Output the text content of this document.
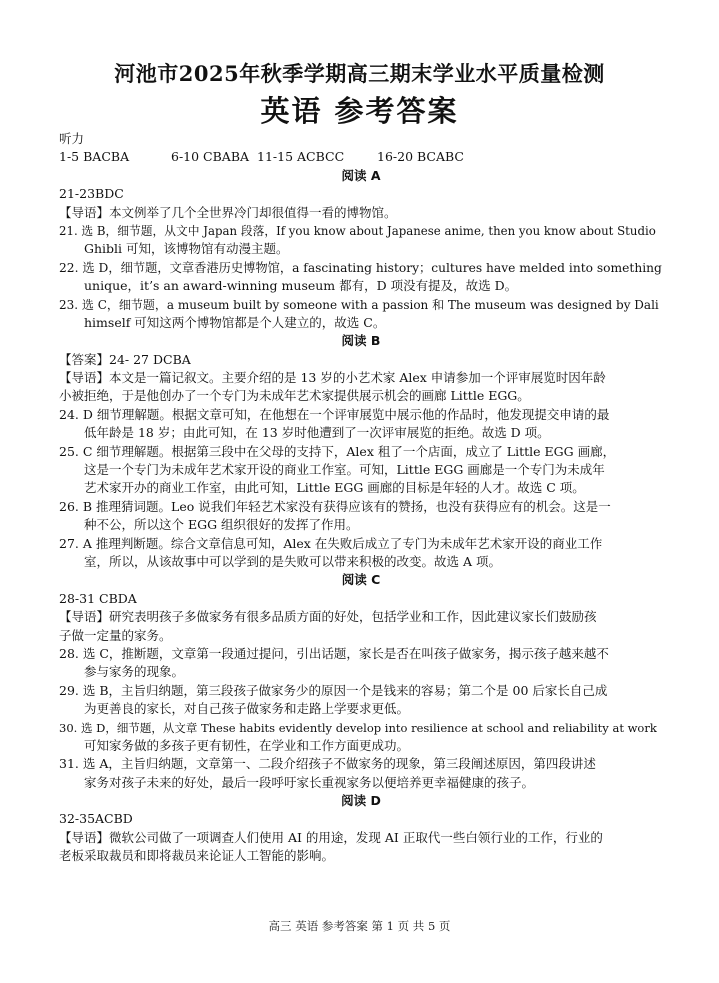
河池市2025年秋季学期高三期末学业水平质量检测
英语 参考答案
听力
1-5 BACBA	6-10 CBABA 11-15 ACBCC	16-20 BCABC
阅读 A
21-23BDC
【导语】本文例举了几个全世界冷门却很值得一看的博物馆。
21. 选 B，细节题，从文中 Japan 段落，If you know about Japanese anime, then you know about Studio
Ghibli 可知，该博物馆有动漫主题。
22. 选 D，细节题，文章香港历史博物馆，a fascinating history；cultures have melded into something
unique，it’s an award-winning museum 都有，D 项没有提及，故选 D。
23. 选 C，细节题，a museum built by someone with a passion 和 The museum was designed by Dali
himself 可知这两个博物馆都是个人建立的，故选 C。
阅读 B
【答案】24- 27 DCBA
【导语】本文是一篇记叙文。主要介绍的是 13 岁的小艺术家 Alex 申请参加一个评审展览时因年龄
小被拒绝，于是他创办了一个专门为未成年艺术家提供展示机会的画廊 Little EGG。
24. D 细节理解题。根据文章可知，在他想在一个评审展览中展示他的作品时，他发现提交申请的最
低年龄是 18 岁；由此可知，在 13 岁时他遭到了一次评审展览的拒绝。故选 D 项。
25. C 细节理解题。根据第三段中在父母的支持下，Alex 租了一个店面，成立了 Little EGG 画廊，
这是一个专门为未成年艺术家开设的商业工作室。可知，Little EGG 画廊是一个专门为未成年
艺术家开办的商业工作室，由此可知，Little EGG 画廊的目标是年轻的人才。故选 C 项。
26. B 推理猜词题。Leo 说我们年轻艺术家没有获得应该有的赞扬，也没有获得应有的机会。这是一
种不公，所以这个 EGG 组织很好的发挥了作用。
27. A 推理判断题。综合文章信息可知，Alex 在失败后成立了专门为未成年艺术家开设的商业工作
室，所以，从该故事中可以学到的是失败可以带来积极的改变。故选 A 项。
阅读 C
28-31 CBDA
【导语】研究表明孩子多做家务有很多品质方面的好处，包括学业和工作，因此建议家长们鼓励孩
子做一定量的家务。
28. 选 C，推断题，文章第一段通过提问，引出话题，家长是否在叫孩子做家务，揭示孩子越来越不
参与家务的现象。
29. 选 B，主旨归纳题，第三段孩子做家务少的原因一个是钱来的容易；第二个是 00 后家长自己成
为更善良的家长，对自己孩子做家务和走路上学要求更低。
30. 选 D，细节题，从文章 These habits evidently develop into resilience at school and reliability at work
可知家务做的多孩子更有韧性，在学业和工作方面更成功。
31. 选 A，主旨归纳题，文章第一、二段介绍孩子不做家务的现象，第三段阐述原因，第四段讲述
家务对孩子未来的好处，最后一段呼吁家长重视家务以便培养更幸福健康的孩子。
阅读 D
32-35ACBD
【导语】微软公司做了一项调查人们使用 AI 的用途，发现 AI 正取代一些白领行业的工作，行业的
老板采取裁员和即将裁员来论证人工智能的影响。
高三 英语 参考答案 第 1 页 共 5 页
